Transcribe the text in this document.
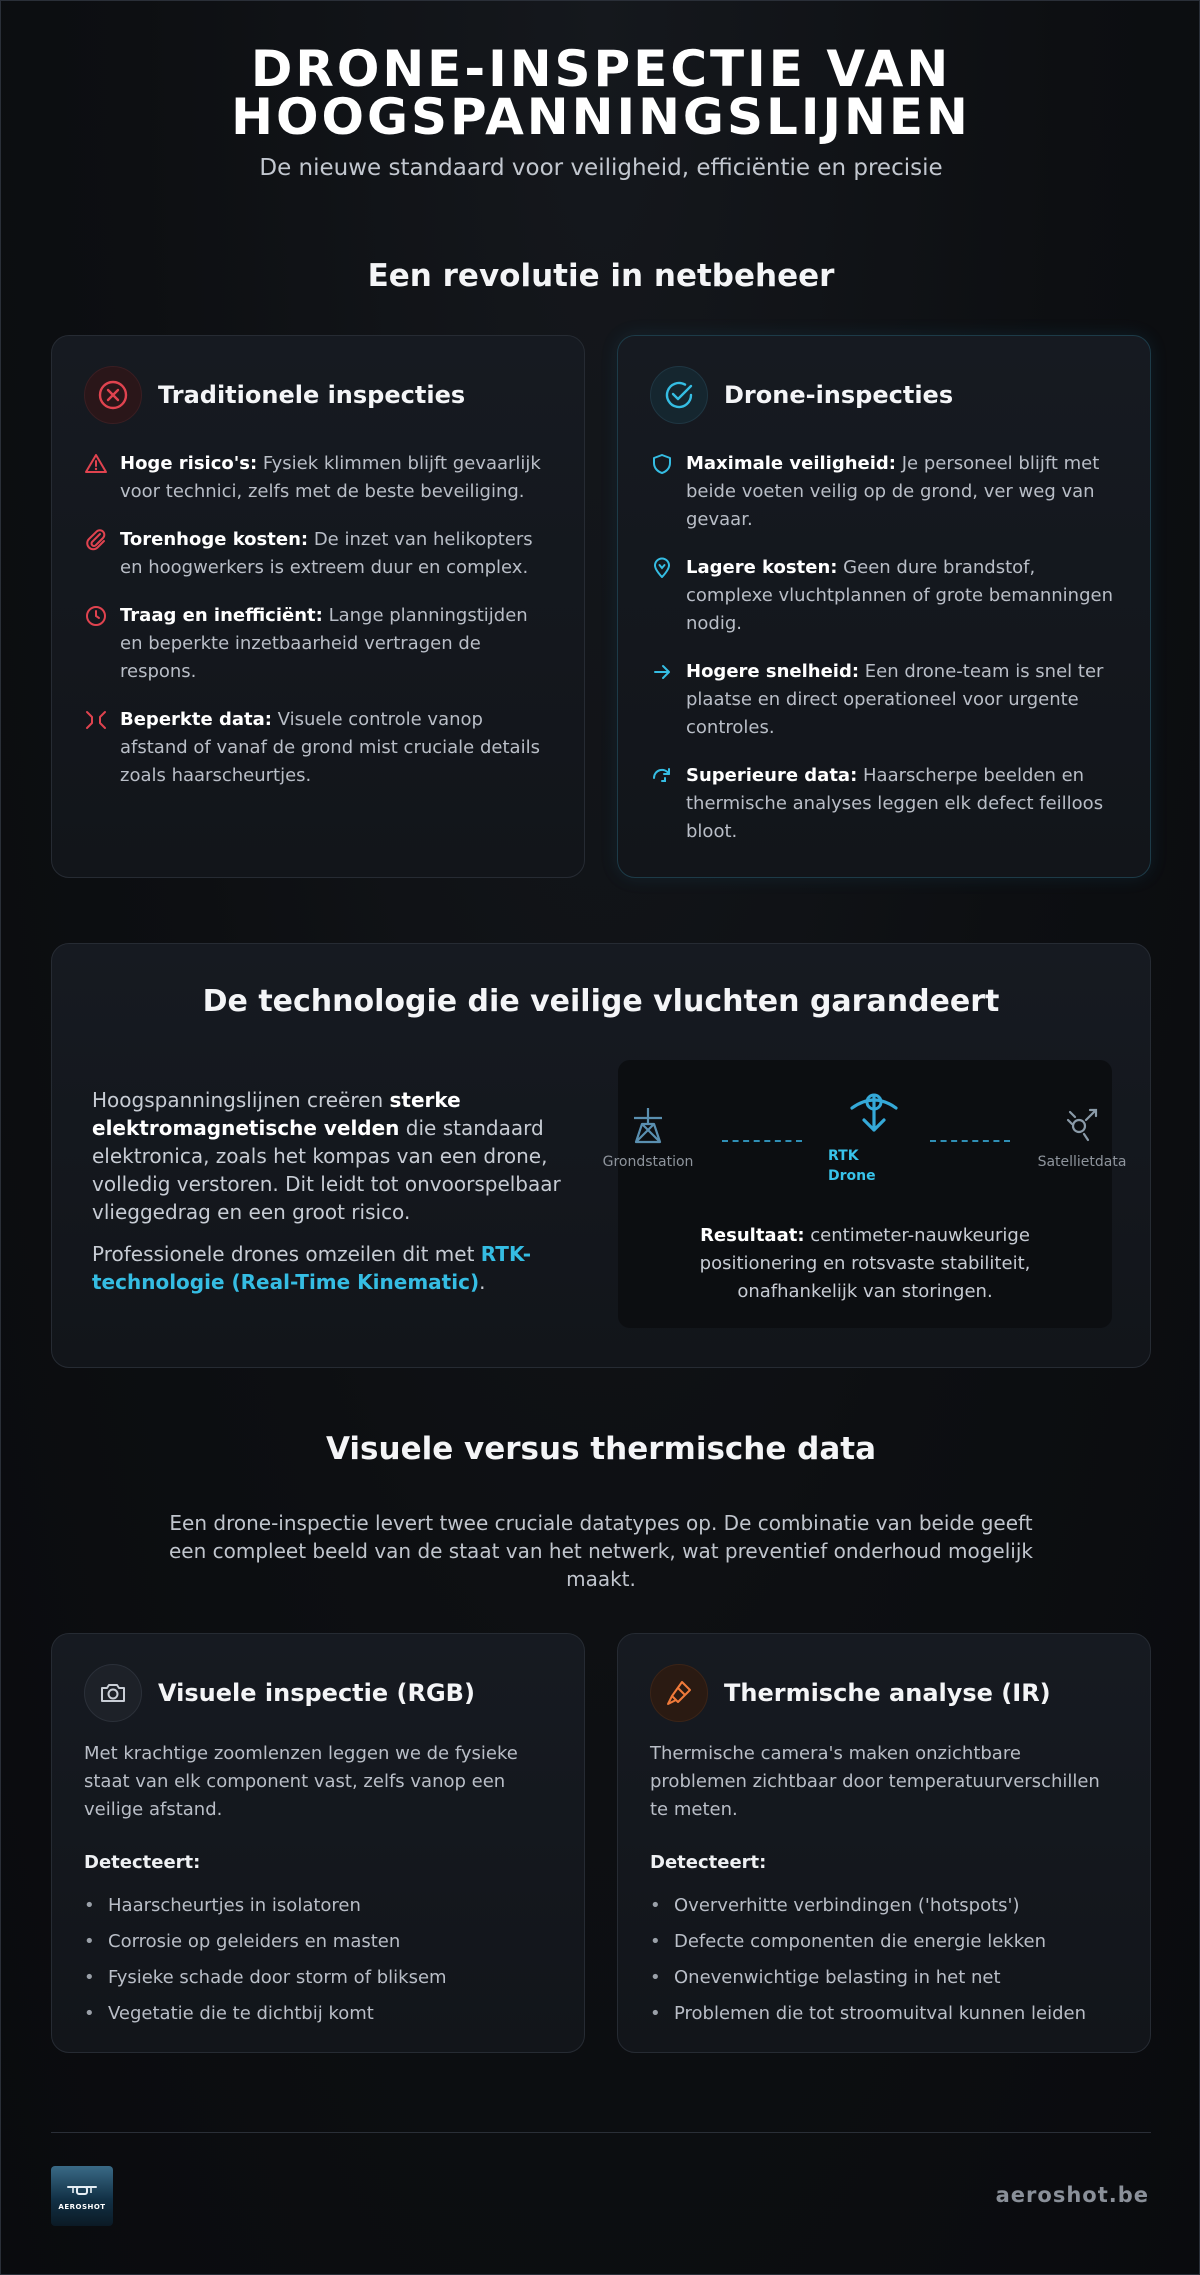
DRONE-INSPECTIE VAN HOOGSPANNINGSLIJNEN
De nieuwe standaard voor veiligheid, efficiëntie en precisie
Een revolutie in netbeheer
Traditionele inspecties

Hoge risico's: Fysiek klimmen blijft gevaarlijk voor technici, zelfs met de beste beveiliging.

Torenhoge kosten: De inzet van helikopters en hoogwerkers is extreem duur en complex.

Traag en inefficiënt: Lange planningstijden en beperkte inzetbaarheid vertragen de respons.

Beperkte data: Visuele controle vanop afstand of vanaf de grond mist cruciale details zoals haarscheurtjes.

Drone-inspecties

Maximale veiligheid: Je personeel blijft met beide voeten veilig op de grond, ver weg van gevaar.

Lagere kosten: Geen dure brandstof, complexe vluchtplannen of grote bemanningen nodig.

Hogere snelheid: Een drone-team is snel ter plaatse en direct operationeel voor urgente controles.

Superieure data: Haarscherpe beelden en thermische analyses leggen elk defect feilloos bloot.

De technologie die veilige vluchten garandeert

Hoogspanningslijnen creëren sterke elektromagnetische velden die standaard elektronica, zoals het kompas van een drone, volledig verstoren. Dit leidt tot onvoorspelbaar vlieggedrag en een groot risico.

Professionele drones omzeilen dit met RTK-technologie (Real-Time Kinematic).

Grondstation	RTK
Drone
Satellietdata
Resultaat: centimeter-nauwkeurige positionering en rotsvaste stabiliteit, onafhankelijk van storingen.
Visuele versus thermische data
Een drone-inspectie levert twee cruciale datatypes op. De combinatie van beide geeft een compleet beeld van de staat van het netwerk, wat preventief onderhoud mogelijk maakt.
Visuele inspectie (RGB)
Met krachtige zoomlenzen leggen we de fysieke staat van elk component vast, zelfs vanop een veilige afstand.
Detecteert:
• Haarscheurtjes in isolatoren
• Corrosie op geleiders en masten
• Fysieke schade door storm of bliksem
• Vegetatie die te dichtbij komt
Thermische analyse (IR)
Thermische camera's maken onzichtbare problemen zichtbaar door temperatuurverschillen te meten.
Detecteert:
• Oververhitte verbindingen ('hotspots')
• Defecte componenten die energie lekken
• Onevenwichtige belasting in het net
• Problemen die tot stroomuitval kunnen leiden
AEROSHOT	aeroshot.be
